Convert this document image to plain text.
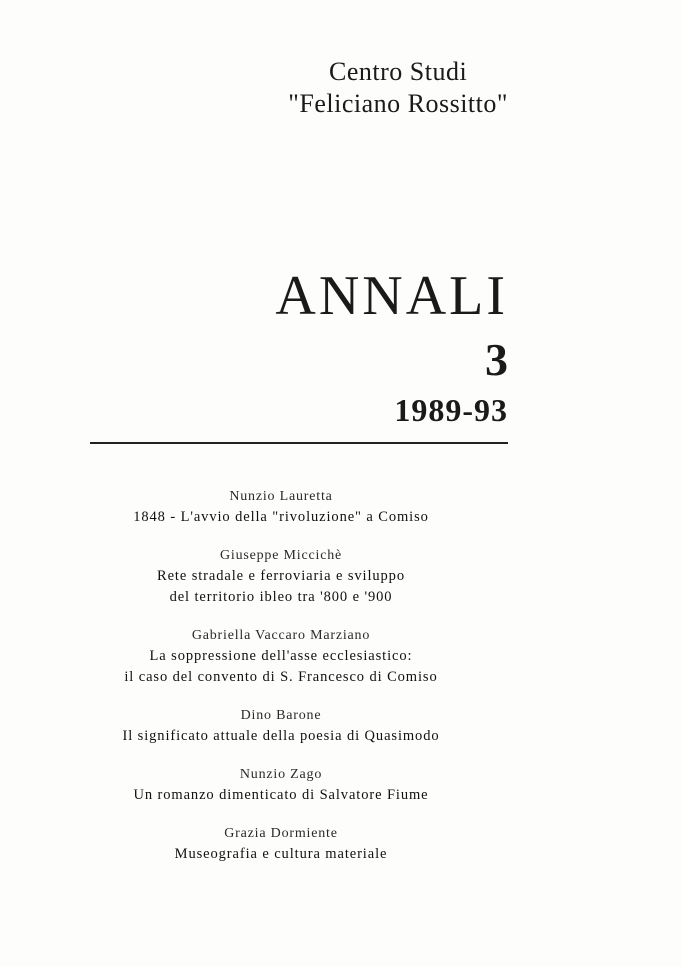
Centro Studi
"Feliciano Rossitto"
ANNALI
3
1989-93
Nunzio Lauretta
1848 - L'avvio della "rivoluzione" a Comiso
Giuseppe Miccichè
Rete stradale e ferroviaria e sviluppo
del territorio ibleo tra '800 e '900
Gabriella Vaccaro Marziano
La soppressione dell'asse ecclesiastico:
il caso del convento di S. Francesco di Comiso
Dino Barone
Il significato attuale della poesia di Quasimodo
Nunzio Zago
Un romanzo dimenticato di Salvatore Fiume
Grazia Dormiente
Museografia e cultura materiale
